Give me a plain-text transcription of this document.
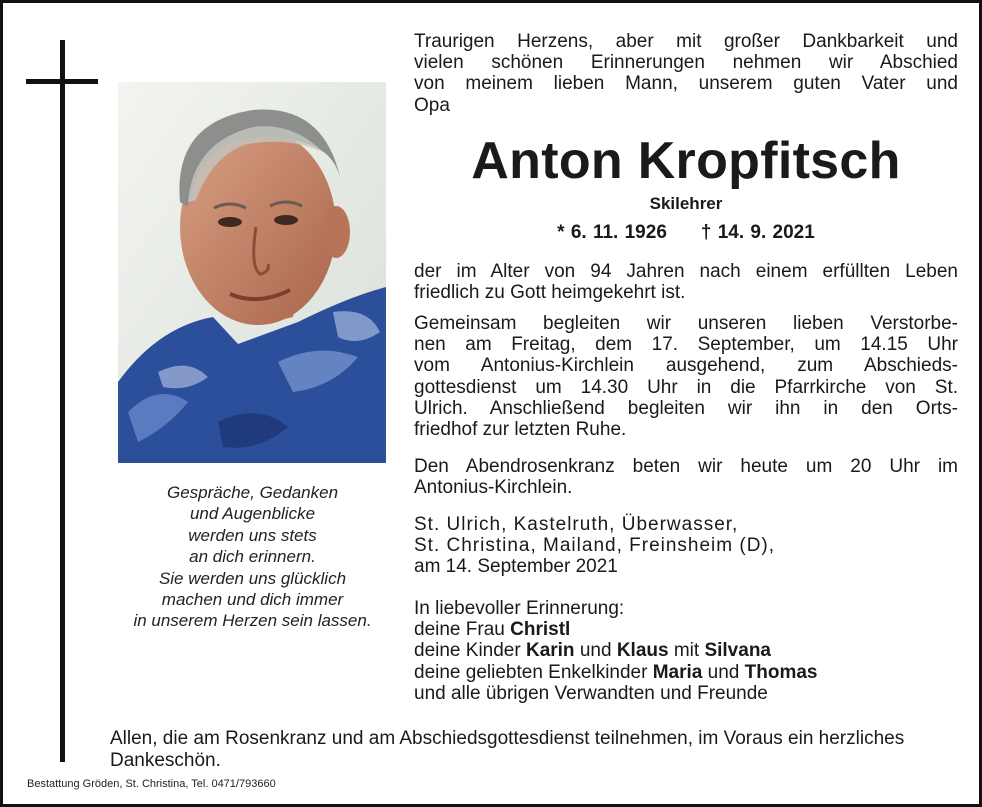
Gespräche, Gedanken
und Augenblicke
werden uns stets
an dich erinnern.
Sie werden uns glücklich
machen und dich immer
in unserem Herzen sein lassen.
Traurigen Herzens, aber mit großer Dankbarkeit und
vielen schönen Erinnerungen nehmen wir Abschied
von meinem lieben Mann, unserem guten Vater und
Opa
Anton Kropfitsch
Skilehrer
* 6. 11. 1926 † 14. 9. 2021
der im Alter von 94 Jahren nach einem erfüllten Leben
friedlich zu Gott heimgekehrt ist.
Gemeinsam begleiten wir unseren lieben Verstorbe-
nen am Freitag, dem 17. September, um 14.15 Uhr
vom Antonius-Kirchlein ausgehend, zum Abschieds-
gottesdienst um 14.30 Uhr in die Pfarrkirche von St.
Ulrich. Anschließend begleiten wir ihn in den Orts-
friedhof zur letzten Ruhe.
Den Abendrosenkranz beten wir heute um 20 Uhr im
Antonius-Kirchlein.
St. Ulrich, Kastelruth, Überwasser,
St. Christina, Mailand, Freinsheim (D),
am 14. September 2021
In liebevoller Erinnerung:
deine Frau Christl
deine Kinder Karin und Klaus mit Silvana
deine geliebten Enkelkinder Maria und Thomas
und alle übrigen Verwandten und Freunde
Allen, die am Rosenkranz und am Abschiedsgottesdienst teilnehmen, im Voraus ein herzliches Dankeschön.
Bestattung Gröden, St. Christina, Tel. 0471/793660
